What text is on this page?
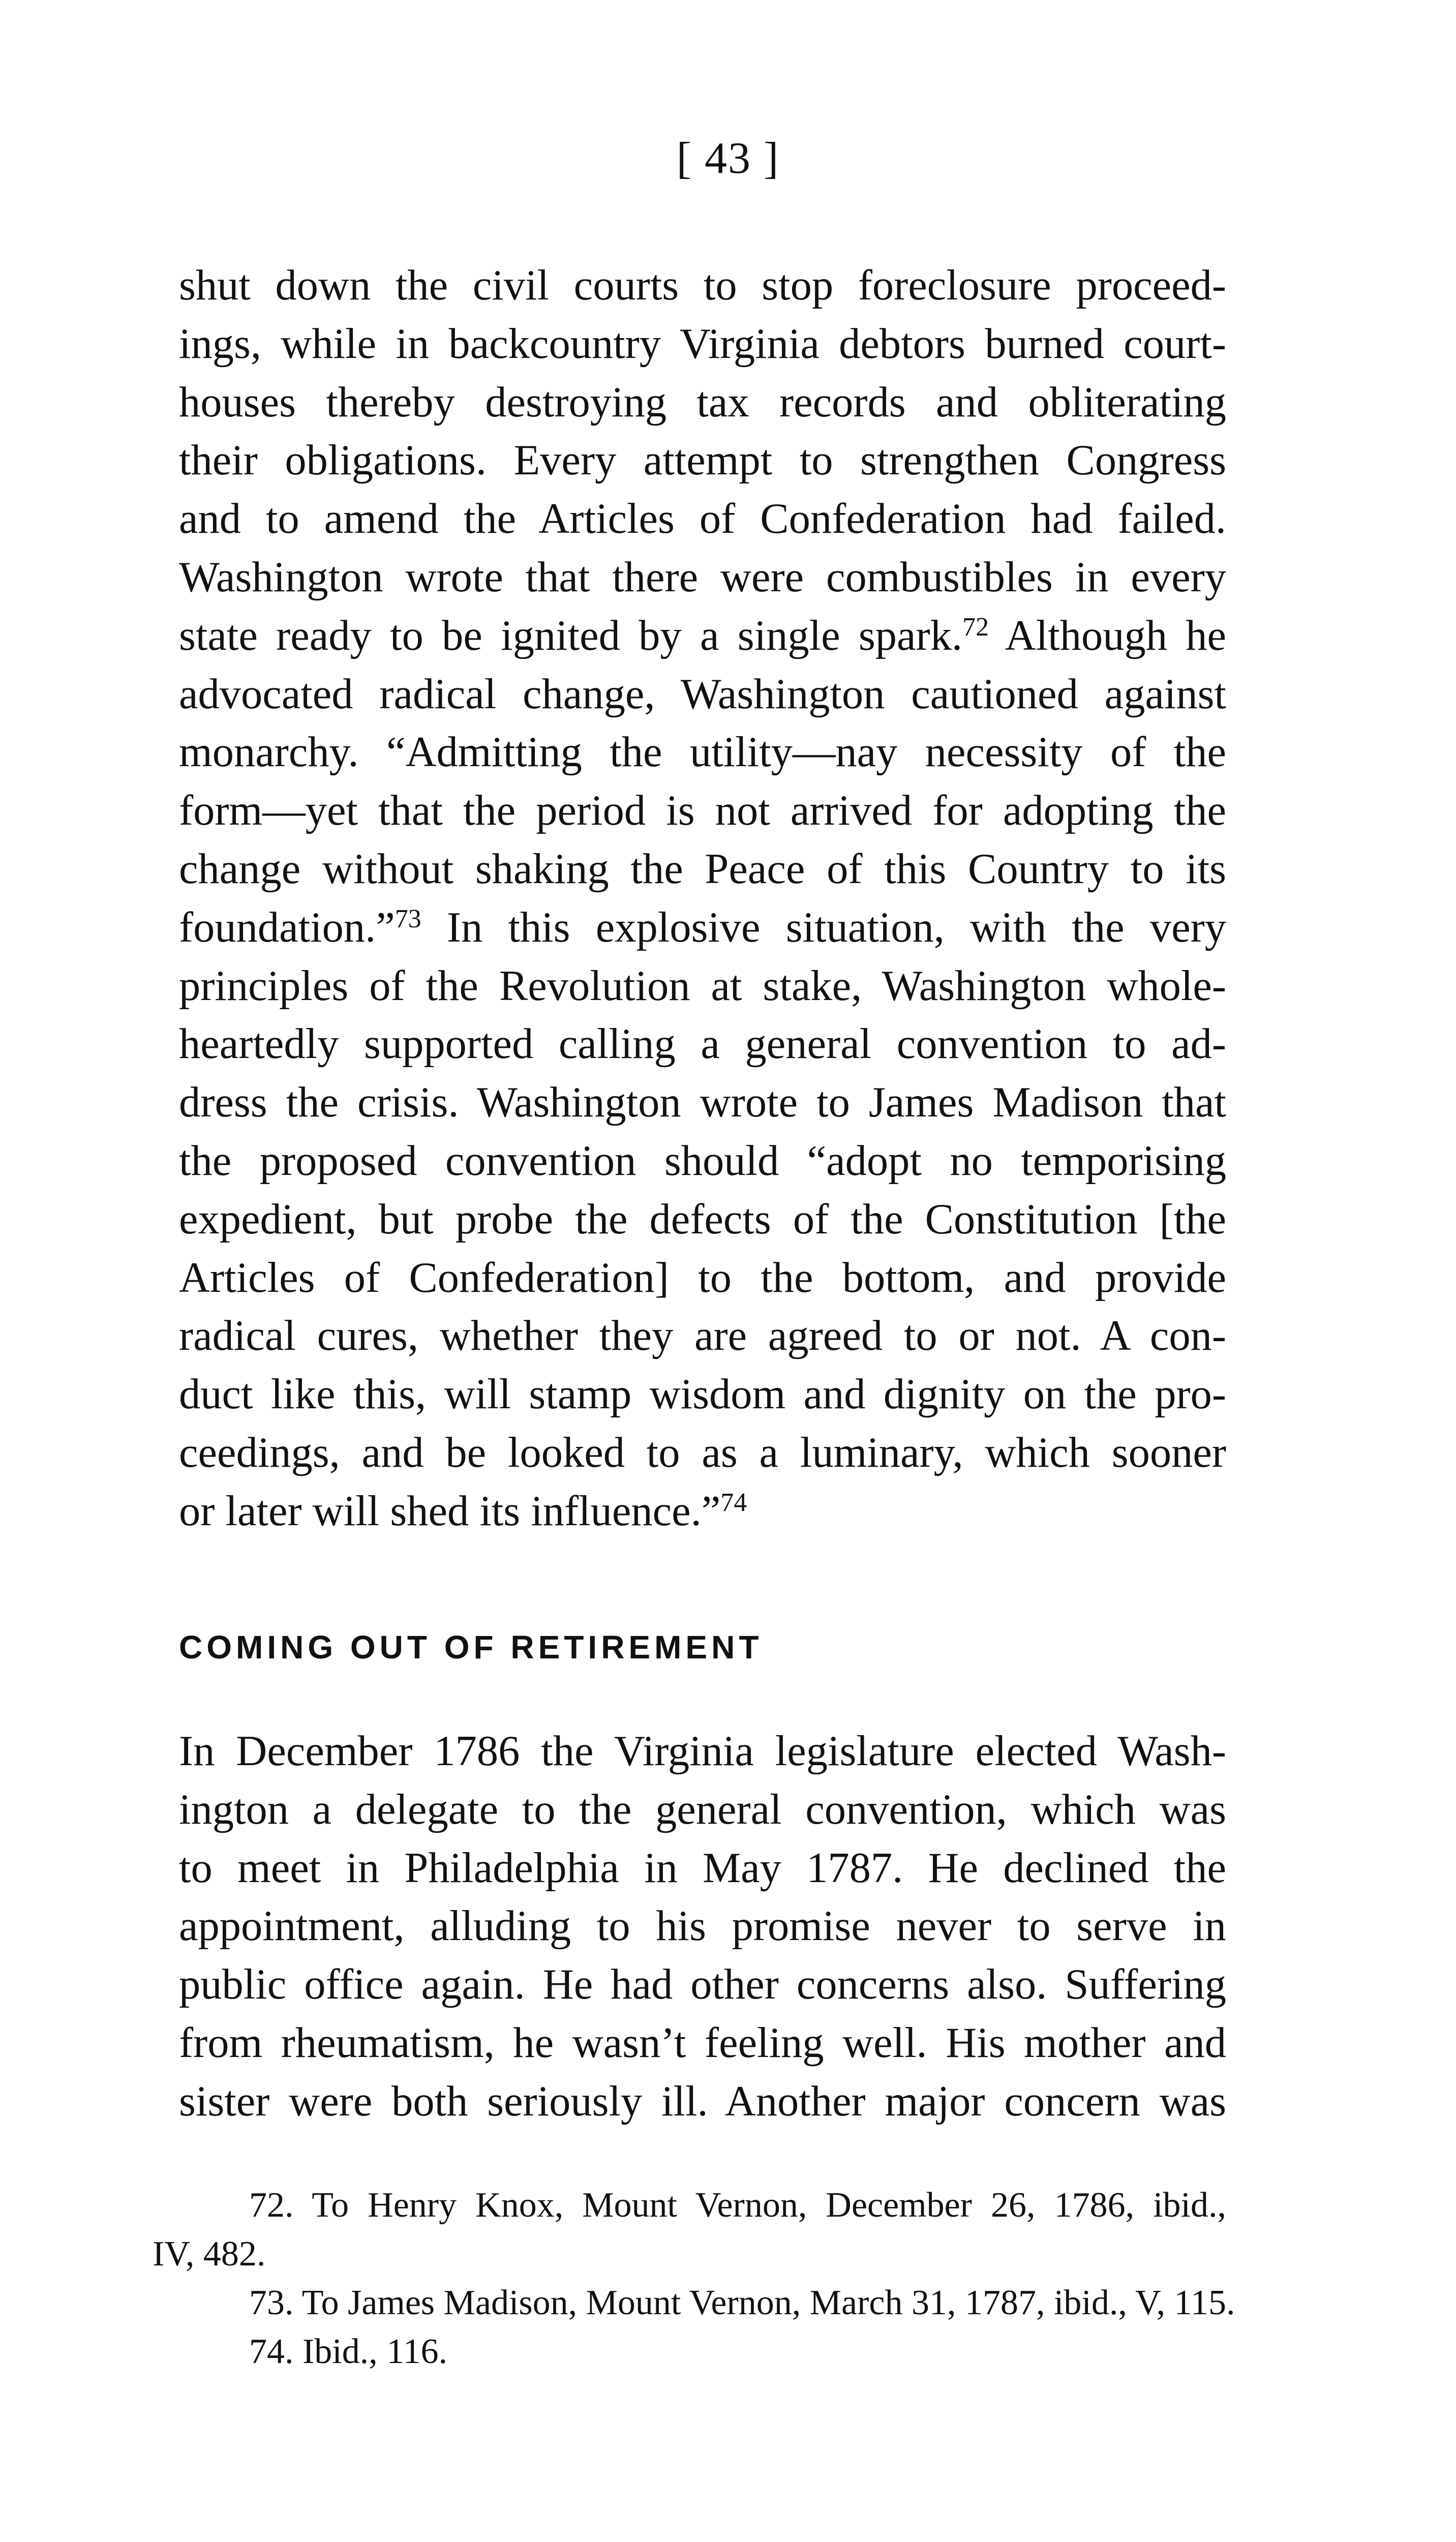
[ 43 ]
shut down the civil courts to stop foreclosure proceed-
ings, while in backcountry Virginia debtors burned court-
houses thereby destroying tax records and obliterating
their obligations. Every attempt to strengthen Congress
and to amend the Articles of Confederation had failed.
Washington wrote that there were combustibles in every
state ready to be ignited by a single spark.$^{72}$ Although he
advocated radical change, Washington cautioned against
monarchy. “Admitting the utility—nay necessity of the
form—yet that the period is not arrived for adopting the
change without shaking the Peace of this Country to its
foundation.”$^{73}$ In this explosive situation, with the very
principles of the Revolution at stake, Washington whole-
heartedly supported calling a general convention to ad-
dress the crisis. Washington wrote to James Madison that
the proposed convention should “adopt no temporising
expedient, but probe the defects of the Constitution [the
Articles of Confederation] to the bottom, and provide
radical cures, whether they are agreed to or not. A con-
duct like this, will stamp wisdom and dignity on the pro-
ceedings, and be looked to as a luminary, which sooner
or later will shed its influence.”$^{74}$
COMING OUT OF RETIREMENT
In December 1786 the Virginia legislature elected Wash-
ington a delegate to the general convention, which was
to meet in Philadelphia in May 1787. He declined the
appointment, alluding to his promise never to serve in
public office again. He had other concerns also. Suffering
from rheumatism, he wasn’t feeling well. His mother and
sister were both seriously ill. Another major concern was
72. To Henry Knox, Mount Vernon, December 26, 1786, ibid.,
IV, 482.
73. To James Madison, Mount Vernon, March 31, 1787, ibid., V, 115.
74. Ibid., 116.
